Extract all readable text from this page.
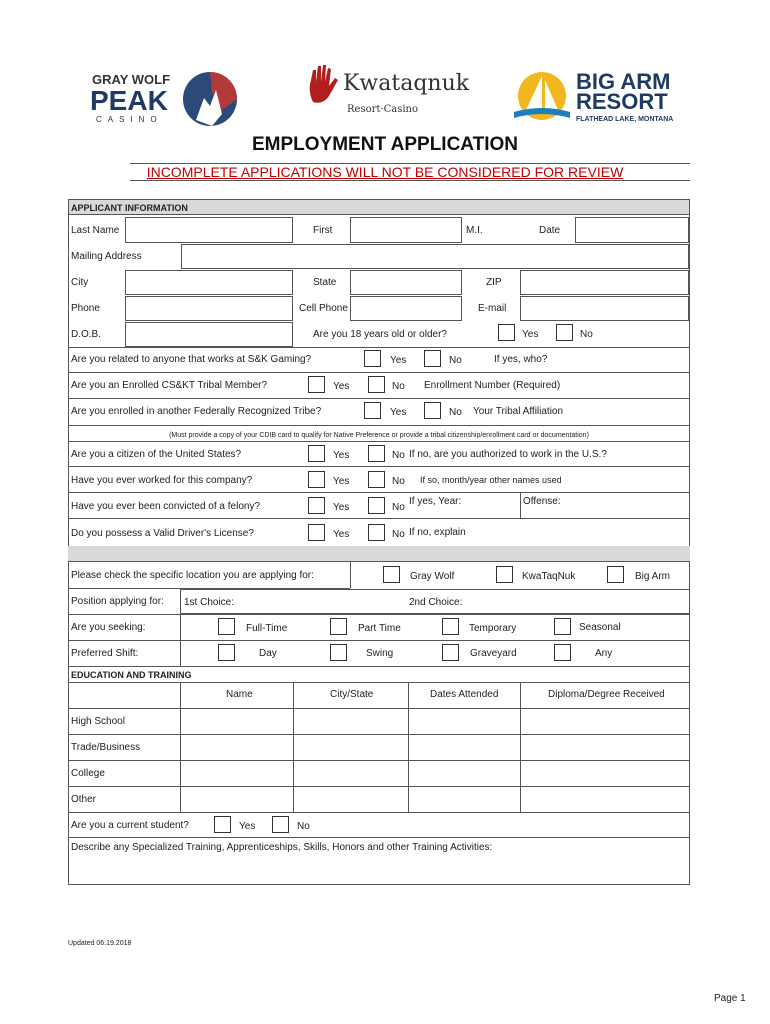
GRAY WOLF
PEAK
CASINO
Kwataqnuk
Resort·Casino
BIG ARM
RESORT
FLATHEAD LAKE, MONTANA
EMPLOYMENT APPLICATION
INCOMPLETE APPLICATIONS WILL NOT BE CONSIDERED FOR REVIEW
APPLICANT INFORMATION
Last Name	First	M.I.	Date
Mailing Address
City	State	ZIP
Phone	Cell Phone	E-mail
D.O.B.	Are you 18 years old or older?	Yes	No
Are you related to anyone that works at S&K Gaming?	Yes	No	If yes, who?
Are you an Enrolled CS&KT Tribal Member?	Yes	No Enrollment Number (Required)
Are you enrolled in another Federally Recognized Tribe?	Yes	No Your Tribal Affiliation
(Must provide a copy of your CDIB card to qualify for Native Preference or provide a tribal citizenship/enrollment card or documentation)
Are you a citizen of the United States?	Yes	No If no, are you authorized to work in the U.S.?
Have you ever worked for this company?	Yes	No If so, month/year other names used
Have you ever been convicted of a felony?	Yes	No
If yes, Year:	Offense:
Do you possess a Valid Driver's License?	Yes	No If no, explain
Please check the specific location you are applying for:	Gray Wolf	KwaTaqNuk	Big Arm
Position applying for: 1st Choice:	2nd Choice:
Are you seeking:	Full-Time	Part Time	Temporary	Seasonal
Preferred Shift:	Day	Swing	Graveyard	Any
EDUCATION AND TRAINING
Name	City/State	Dates Attended	Diploma/Degree Received
High School
Trade/Business
College
Other
Are you a current student?	Yes	No
Describe any Specialized Training, Apprenticeships, Skills, Honors and other Training Activities:
Updated 06.19.2018
Page 1
